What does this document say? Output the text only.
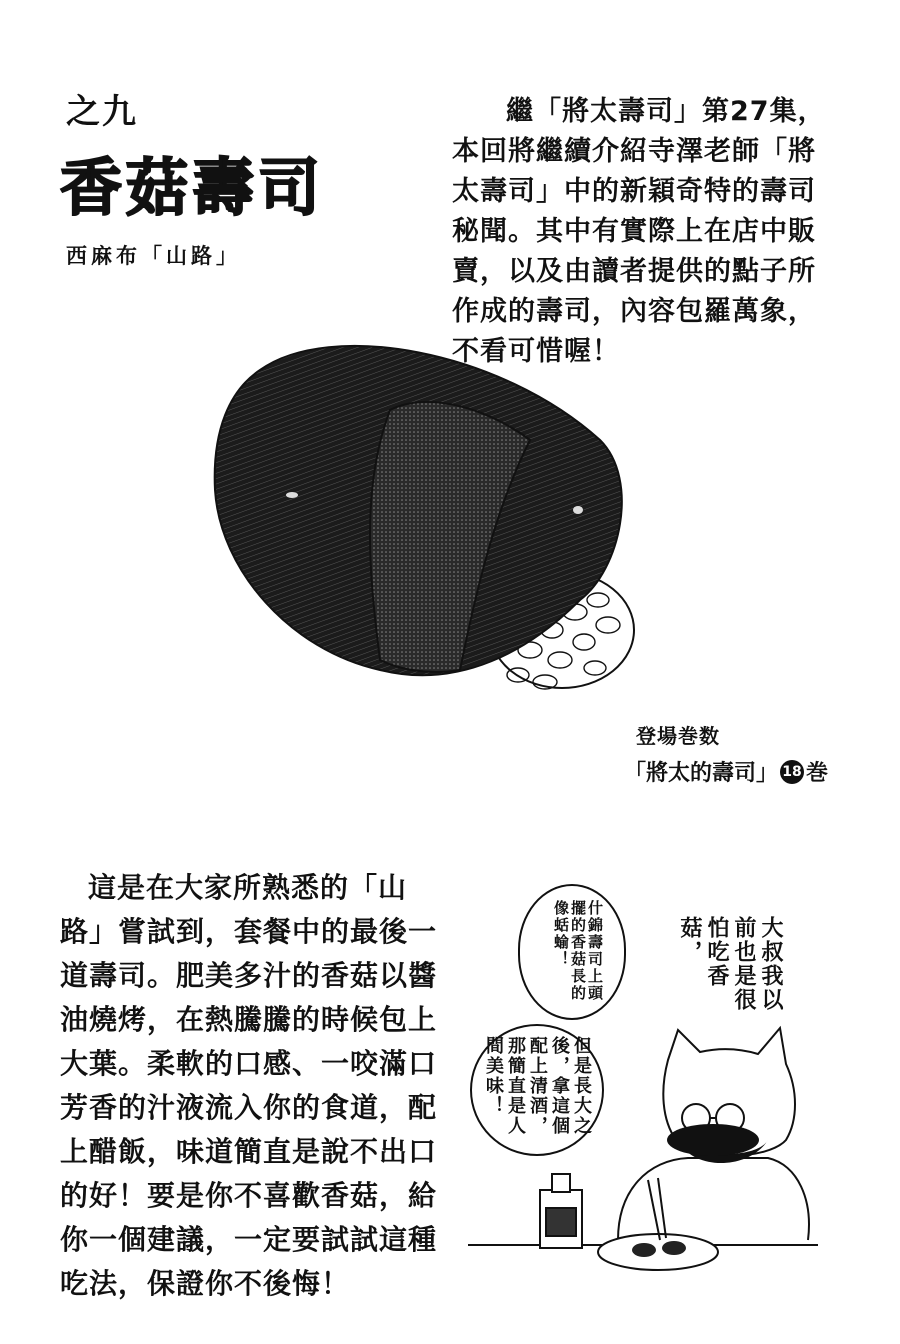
之九
香菇壽司
西麻布「山路」
繼「將太壽司」第27集，本回將繼續介紹寺澤老師「將太壽司」中的新穎奇特的壽司秘聞。其中有實際上在店中販賣，以及由讀者提供的點子所作成的壽司，內容包羅萬象，不看可惜喔！
登場巻数
「將太的壽司」 18 巻
這是在大家所熟悉的「山路」嘗試到，套餐中的最後一道壽司。肥美多汁的香菇以醬油燒烤，在熱騰騰的時候包上大葉。柔軟的口感、一咬滿口芳香的汁液流入你的食道，配上醋飯，味道簡直是說不出口的好！要是你不喜歡香菇，給你一個建議，一定要試試這種吃法，保證你不後悔！
什錦壽司上頭擺的香菇長的像蛞蝓！	大叔我以前也是很怕吃香菇，
但是長大之後，拿這個配上清酒，那簡直是人間美味！
